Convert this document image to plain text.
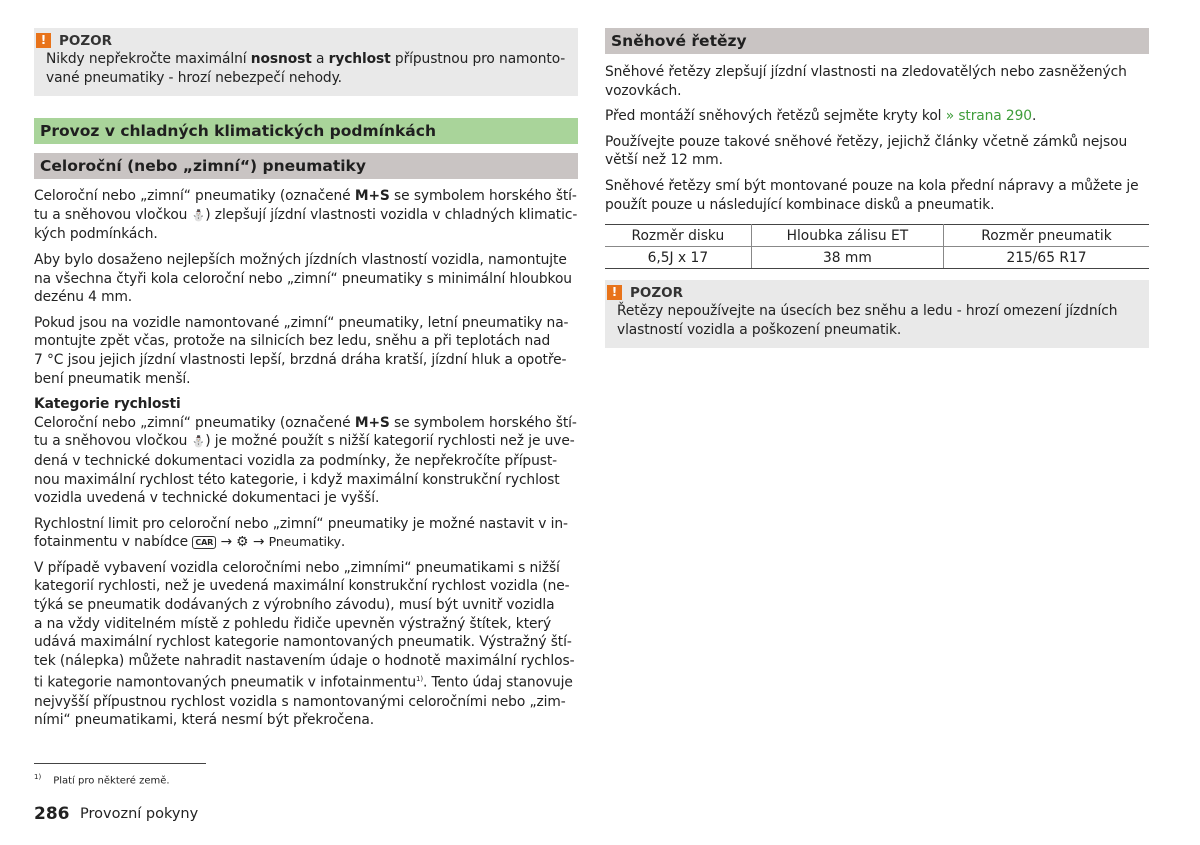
! POZOR

Nikdy nepřekročte maximální nosnost a rychlost přípustnou pro namonto-
vané pneumatiky - hrozí nebezpečí nehody.

Provoz v chladných klimatických podmínkách
Celoroční (nebo „zimní“) pneumatiky

Celoroční nebo „zimní“ pneumatiky (označené M+S se symbolem horského ští-
tu a sněhovou vločkou ⛄) zlepšují jízdní vlastnosti vozidla v chladných klimatic-
kých podmínkách.

Aby bylo dosaženo nejlepších možných jízdních vlastností vozidla, namontujte
na všechna čtyři kola celoroční nebo „zimní“ pneumatiky s minimální hloubkou
dezénu 4 mm.

Pokud jsou na vozidle namontované „zimní“ pneumatiky, letní pneumatiky na-
montujte zpět včas, protože na silnicích bez ledu, sněhu a při teplotách nad
7 °C jsou jejich jízdní vlastnosti lepší, brzdná dráha kratší, jízdní hluk a opotře-
bení pneumatik menší.

Kategorie rychlosti
Celoroční nebo „zimní“ pneumatiky (označené M+S se symbolem horského ští-
tu a sněhovou vločkou ⛄) je možné použít s nižší kategorií rychlosti než je uve-
dená v technické dokumentaci vozidla za podmínky, že nepřekročíte přípust-
nou maximální rychlost této kategorie, i když maximální konstrukční rychlost
vozidla uvedená v technické dokumentaci je vyšší.

Rychlostní limit pro celoroční nebo „zimní“ pneumatiky je možné nastavit v in-
fotainmentu v nabídce CAR → ⚙ → Pneumatiky.

V případě vybavení vozidla celoročními nebo „zimními“ pneumatikami s nižší
kategorií rychlosti, než je uvedená maximální konstrukční rychlost vozidla (ne-
týká se pneumatik dodávaných z výrobního závodu), musí být uvnitř vozidla
a na vždy viditelném místě z pohledu řidiče upevněn výstražný štítek, který
udává maximální rychlost kategorie namontovaných pneumatik. Výstražný ští-
tek (nálepka) můžete nahradit nastavením údaje o hodnotě maximální rychlos-
ti kategorie namontovaných pneumatik v infotainmentu$^{1)}$. Tento údaj stanovuje
nejvyšší přípustnou rychlost vozidla s namontovanými celoročními nebo „zim-
ními“ pneumatikami, která nesmí být překročena.

Sněhové řetězy

Sněhové řetězy zlepšují jízdní vlastnosti na zledovatělých nebo zasněžených
vozovkách.

Před montáží sněhových řetězů sejměte kryty kol » strana 290.

Používejte pouze takové sněhové řetězy, jejichž články včetně zámků nejsou
větší než 12 mm.

Sněhové řetězy smí být montované pouze na kola přední nápravy a můžete je
použít pouze u následující kombinace disků a pneumatik.

Rozměr disku	Hloubka zálisu ET	Rozměr pneumatik
6,5J x 17	38 mm	215/65 R17
! POZOR

Řetězy nepoužívejte na úsecích bez sněhu a ledu - hrozí omezení jízdních
vlastností vozidla a poškození pneumatik.

$^{1)}$ Platí pro některé země.
286 Provozní pokyny
